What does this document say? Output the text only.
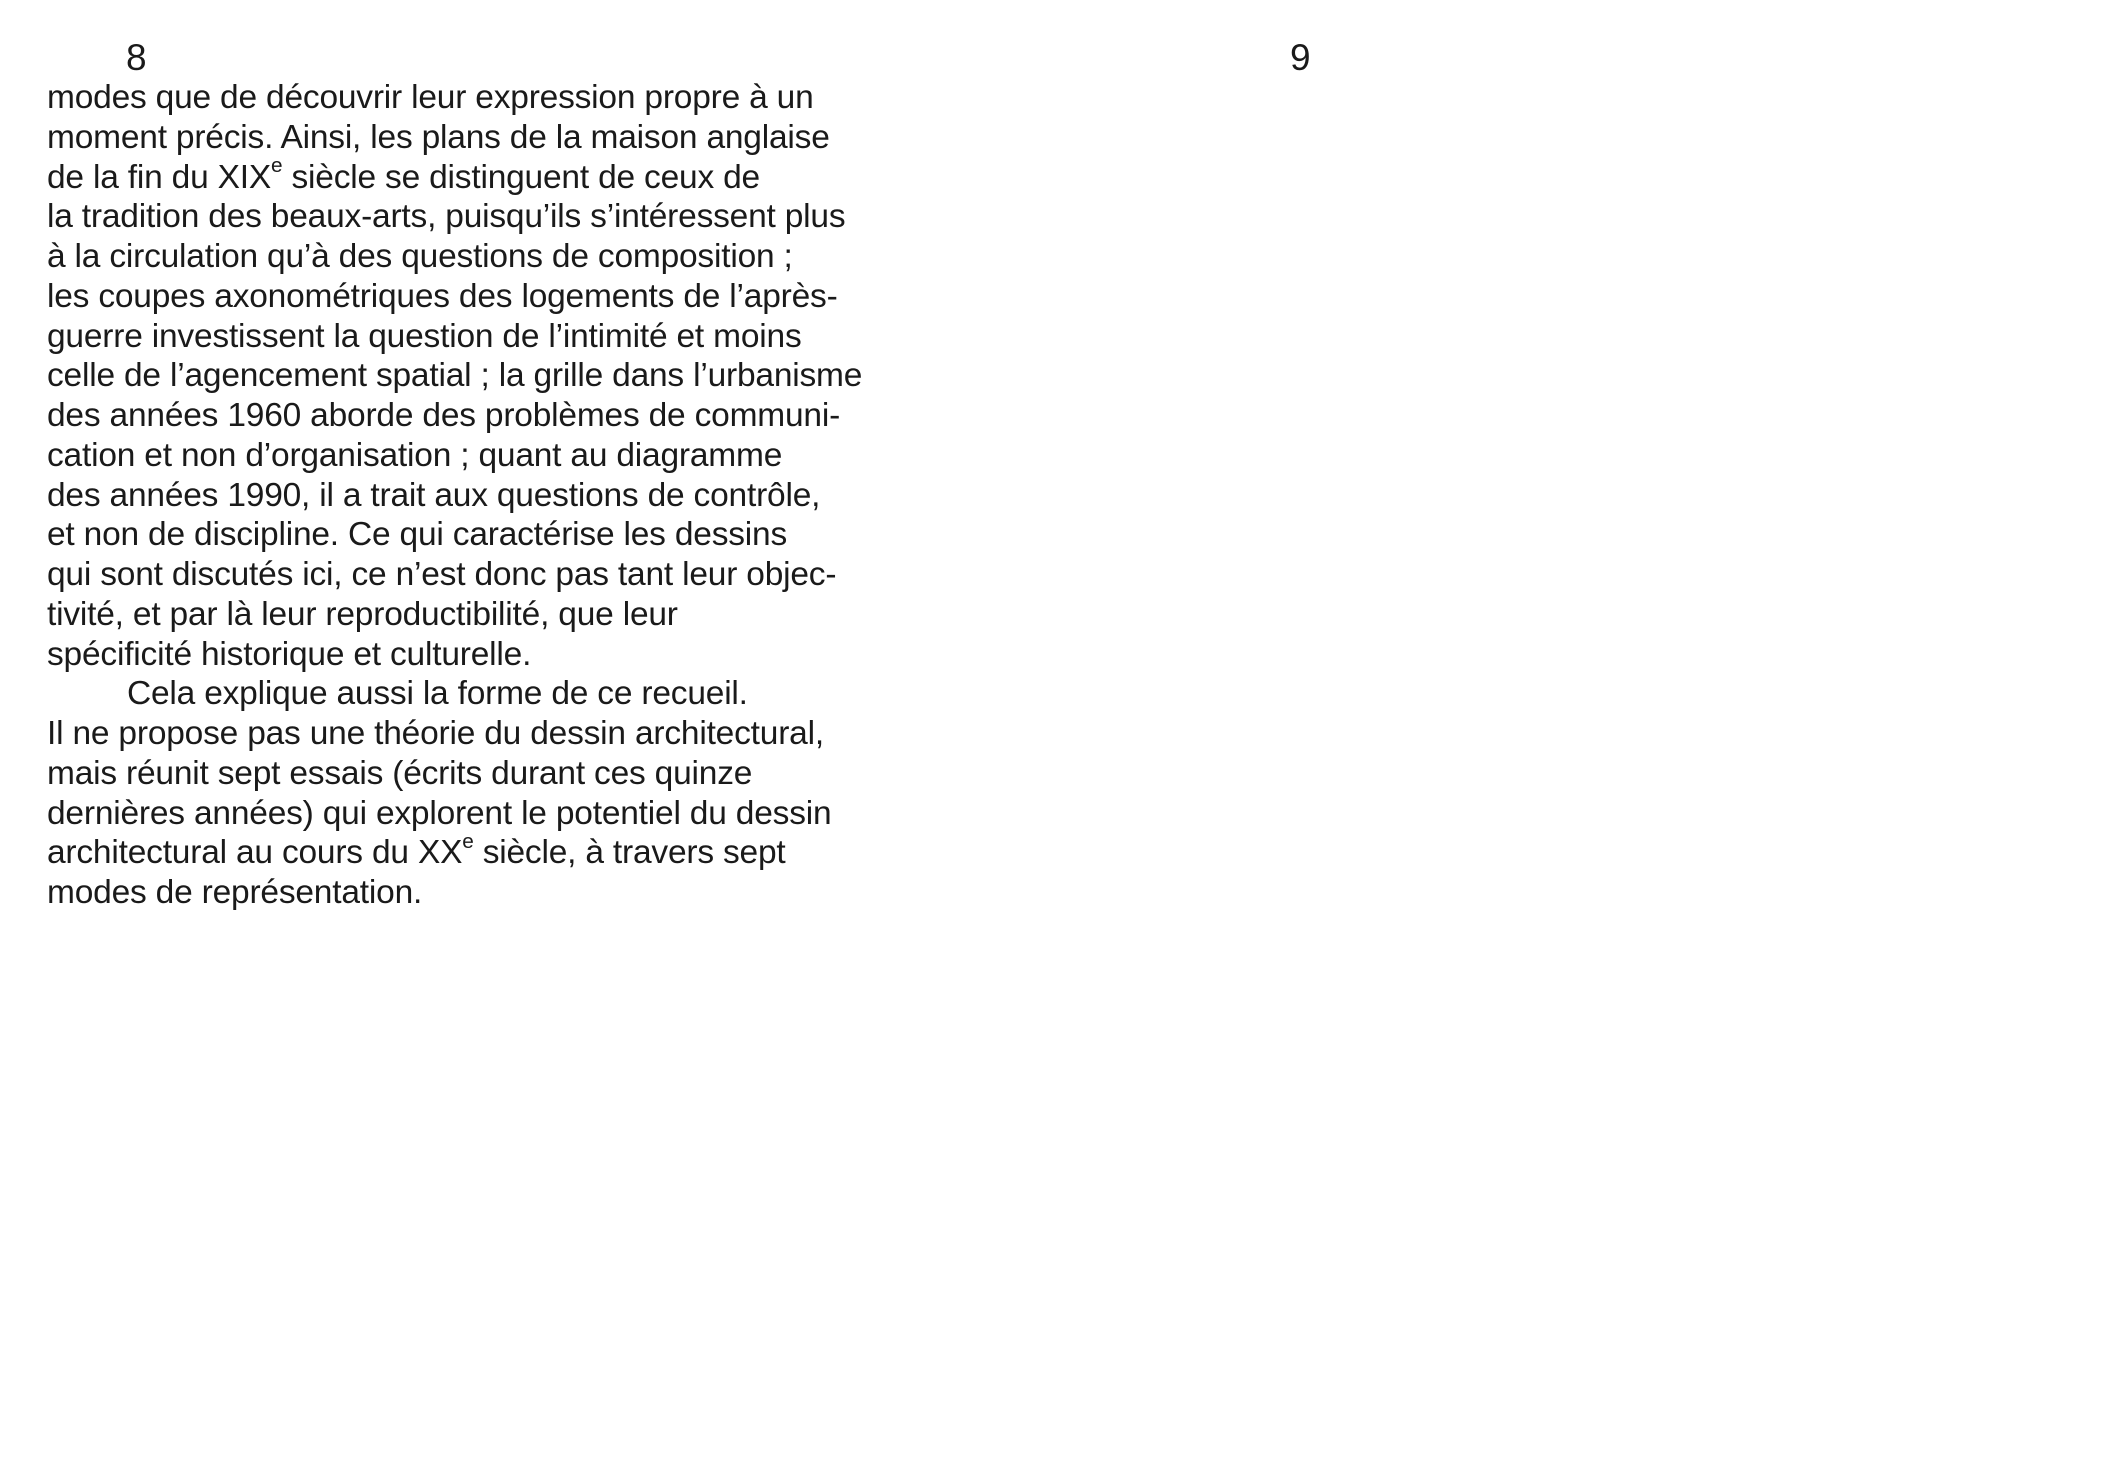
8	9

modes que de découvrir leur expression propre à un
moment précis. Ainsi, les plans de la maison anglaise
de la fin du XIXe siècle se distinguent de ceux de
la tradition des beaux-arts, puisqu’ils s’intéressent plus
à la circulation qu’à des questions de composition ;
les coupes axonométriques des logements de l’après-
guerre investissent la question de l’intimité et moins
celle de l’agencement spatial ; la grille dans l’urbanisme
des années 1960 aborde des problèmes de communi-
cation et non d’organisation ; quant au diagramme
des années 1990, il a trait aux questions de contrôle,
et non de discipline. Ce qui caractérise les dessins
qui sont discutés ici, ce n’est donc pas tant leur objec-
tivité, et par là leur reproductibilité, que leur
spécificité historique et culturelle.
Cela explique aussi la forme de ce recueil.
Il ne propose pas une théorie du dessin architectural,
mais réunit sept essais (écrits durant ces quinze
dernières années) qui explorent le potentiel du dessin
architectural au cours du XXe siècle, à travers sept
modes de représentation.
